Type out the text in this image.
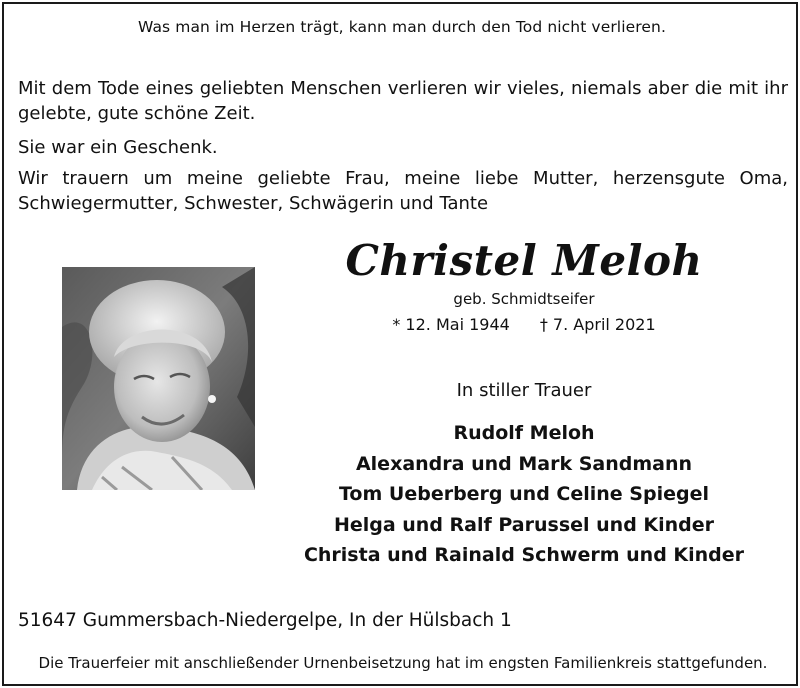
Was man im Herzen trägt, kann man durch den Tod nicht verlieren.
Mit dem Tode eines geliebten Menschen verlieren wir vieles, niemals aber die mit ihr gelebte, gute schöne Zeit.
Sie war ein Geschenk.
Wir trauern um meine geliebte Frau, meine liebe Mutter, herzensgute Oma, Schwiegermutter, Schwester, Schwägerin und Tante
Christel Meloh
geb. Schmidtseifer
* 12. Mai 1944 † 7. April 2021
In stiller Trauer
Rudolf Meloh
Alexandra und Mark Sandmann
Tom Ueberberg und Celine Spiegel
Helga und Ralf Parussel und Kinder
Christa und Rainald Schwerm und Kinder
51647 Gummersbach-Niedergelpe, In der Hülsbach 1
Die Trauerfeier mit anschließender Urnenbeisetzung hat im engsten Familienkreis stattgefunden.
